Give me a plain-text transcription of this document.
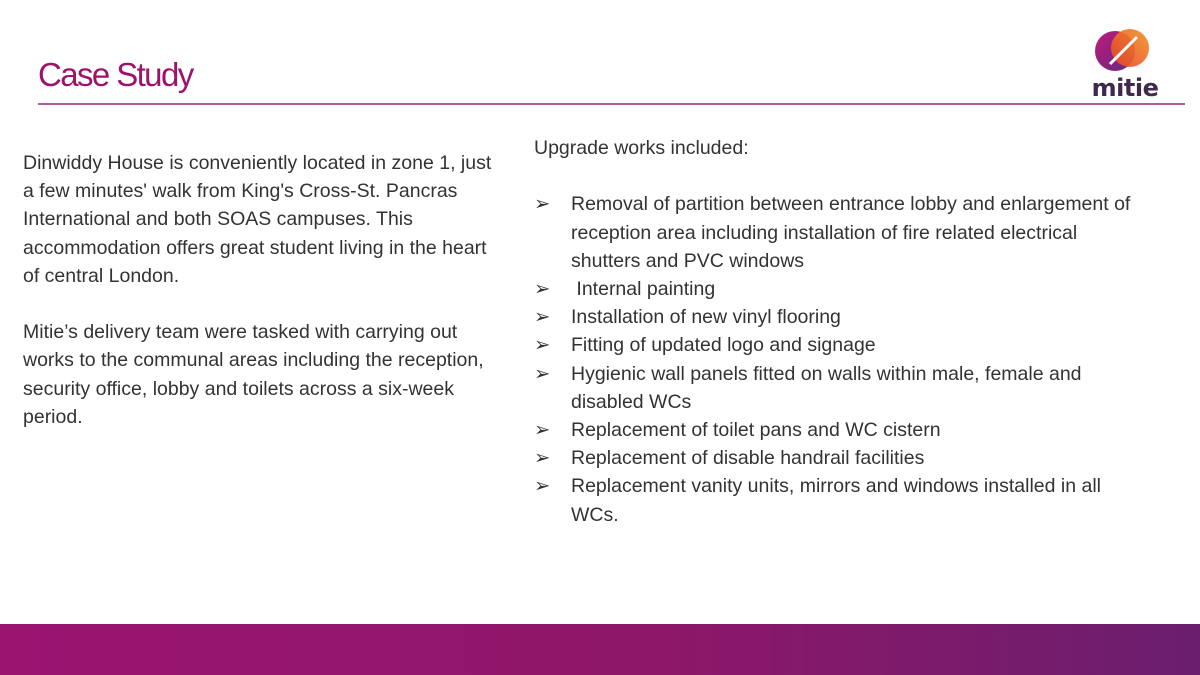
Case Study	mitie

Dinwiddy House is conveniently located in zone 1, just a few minutes' walk from King's Cross-St. Pancras International and both SOAS campuses. This accommodation offers great student living in the heart of central London.

Mitie’s delivery team were tasked with carrying out works to the communal areas including the reception, security office, lobby and toilets across a six-week period.

Upgrade works included:

➢ Removal of partition between entrance lobby and enlargement of reception area including installation of fire related electrical shutters and PVC windows
➢ Internal painting
➢ Installation of new vinyl flooring
➢ Fitting of updated logo and signage
➢ Hygienic wall panels fitted on walls within male, female and disabled WCs
➢ Replacement of toilet pans and WC cistern
➢ Replacement of disable handrail facilities
➢ Replacement vanity units, mirrors and windows installed in all WCs.
